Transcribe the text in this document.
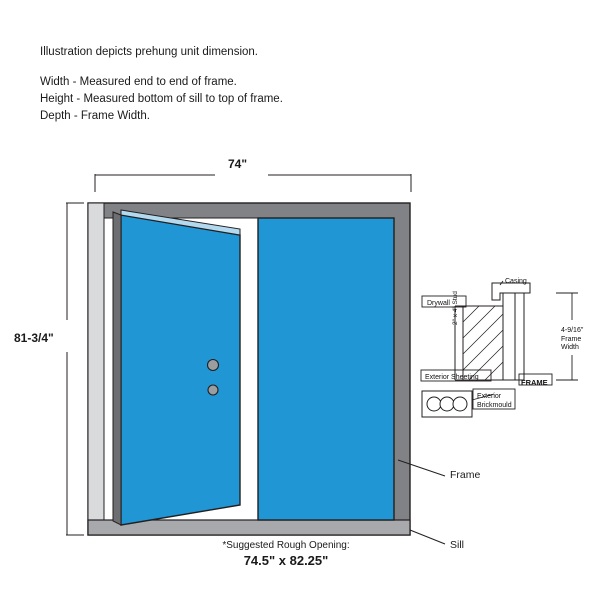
Illustration depicts prehung unit dimension.
Width - Measured end to end of frame.
Height - Measured bottom of sill to top of frame.
Depth - Frame Width.
74"
81-3/4"
*Suggested Rough Opening:
74.5" x 82.25"
Frame
Sill
Casing
Drywall 2" x 4" Stud
Exterior Sheeting
FRAME
Exterior
Brickmould
4-9/16"
Frame
Width
